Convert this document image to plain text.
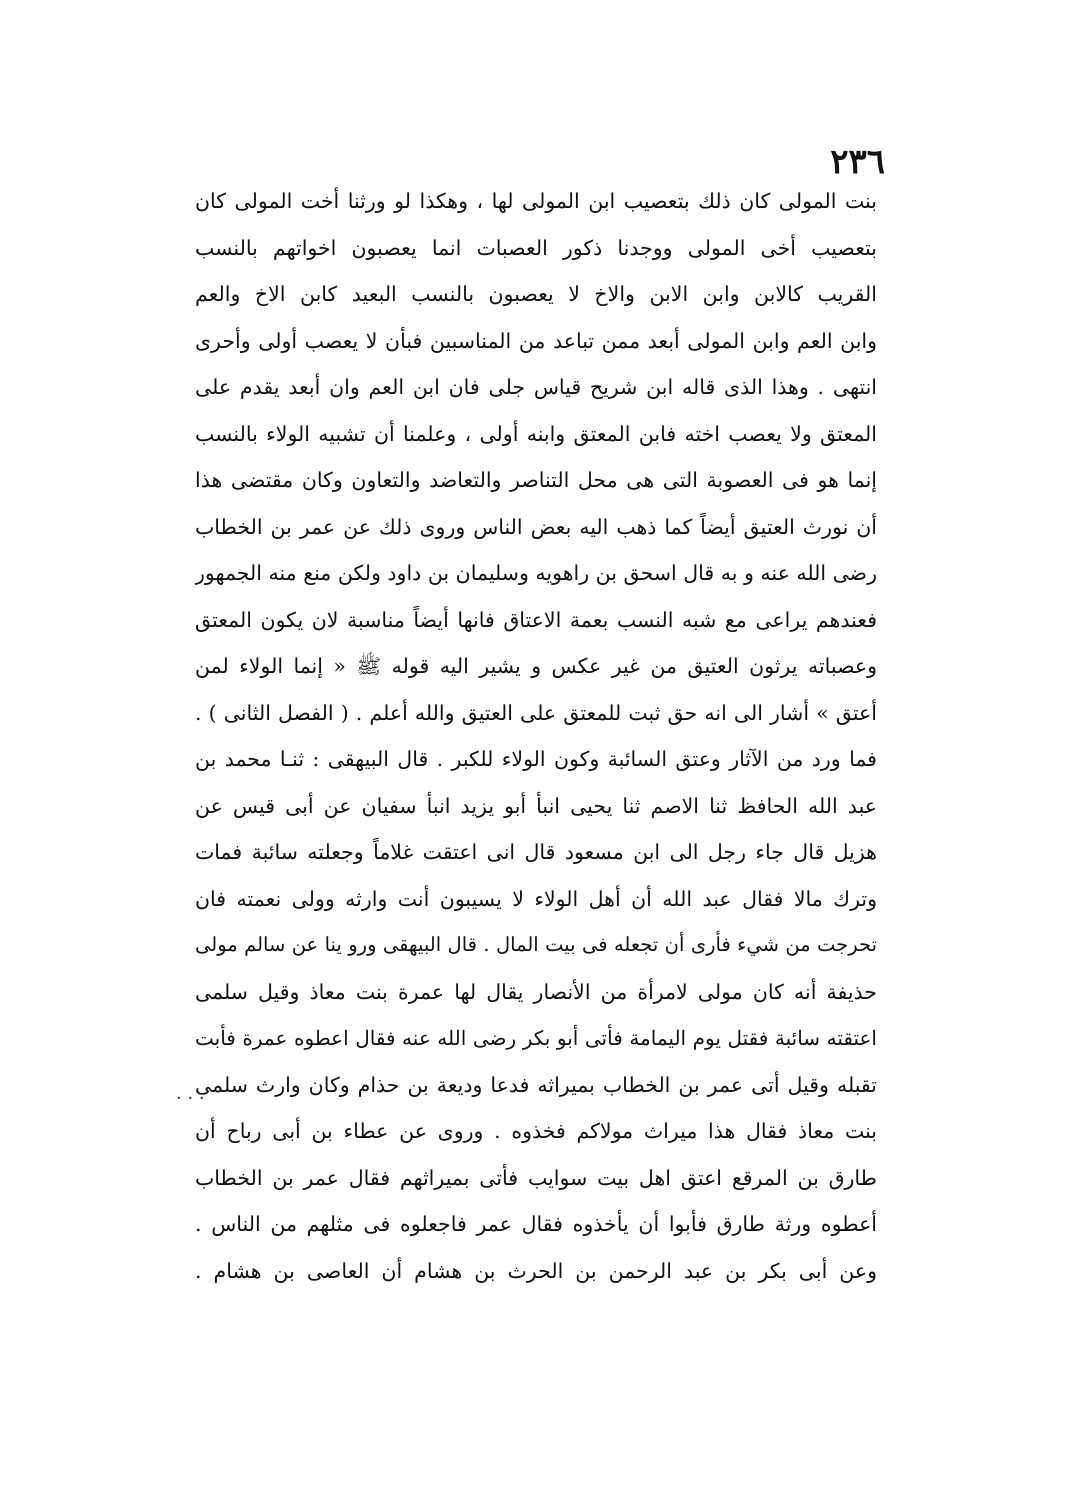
٢٣٦
بنت المولى كان ذلك بتعصيب ابن المولى لها ، وهكذا لو ورثنا أخت المولى كان
بتعصيب أخى المولى ووجدنا ذكور العصبات انما يعصبون اخواتهم بالنسب
القريب كالابن وابن الابن والاخ لا يعصبون بالنسب البعيد كابن الاخ والعم
وابن العم وابن المولى أبعد ممن تباعد من المناسبين فبأن لا يعصب أولى وأحرى
انتهى . وهذا الذى قاله ابن شريح قياس جلى فان ابن العم وان أبعد يقدم على
المعتق ولا يعصب اخته فابن المعتق وابنه أولى ، وعلمنا أن تشبيه الولاء بالنسب
إنما هو فى العصوبة التى هى محل التناصر والتعاضد والتعاون وكان مقتضى هذا
أن نورث العتيق أيضاً كما ذهب اليه بعض الناس وروى ذلك عن عمر بن الخطاب
رضى الله عنه و به قال اسحق بن راهويه وسليمان بن داود ولكن منع منه الجمهور
فعندهم يراعى مع شبه النسب بعمة الاعتاق فانها أيضاً مناسبة لان يكون المعتق
وعصباته يرثون العتيق من غير عكس و يشير اليه قوله ﷺ « إنما الولاء لمن
أعتق » أشار الى انه حق ثبت للمعتق على العتيق والله أعلم . ( الفصل الثانى ) .
فما ورد من الآثار وعتق السائبة وكون الولاء للكبر . قال البيهقى : ثنـا محمد بن
عبد الله الحافظ ثنا الاصم ثنا يحيى انبأ أبو يزيد انبأ سفيان عن أبى قيس عن
هزيل قال جاء رجل الى ابن مسعود قال انى اعتقت غلاماً وجعلته سائبة فمات
وترك مالا فقال عبد الله أن أهل الولاء لا يسيبون أنت وارثه وولى نعمته فان
تحرجت من شيء فأرى أن تجعله فى بيت المال . قال البيهقى ورو ينا عن سالم مولى
حذيفة أنه كان مولى لامرأة من الأنصار يقال لها عمرة بنت معاذ وقيل سلمى
اعتقته سائبة فقتل يوم اليمامة فأتى أبو بكر رضى الله عنه فقال اعطوه عمرة فأبت
تقبله وقيل أتى عمر بن الخطاب بميراثه فدعا وديعة بن حذام وكان وارث سلمى
بنت معاذ فقال هذا ميراث مولاكم فخذوه . وروى عن عطاء بن أبى رباح أن
طارق بن المرقع اعتق اهل بيت سوايب فأتى بميراثهم فقال عمر بن الخطاب
أعطوه ورثة طارق فأبوا أن يأخذوه فقال عمر فاجعلوه فى مثلهم من الناس .
وعن أبى بكر بن عبد الرحمن بن الحرث بن هشام أن العاصى بن هشام .
· · ·
